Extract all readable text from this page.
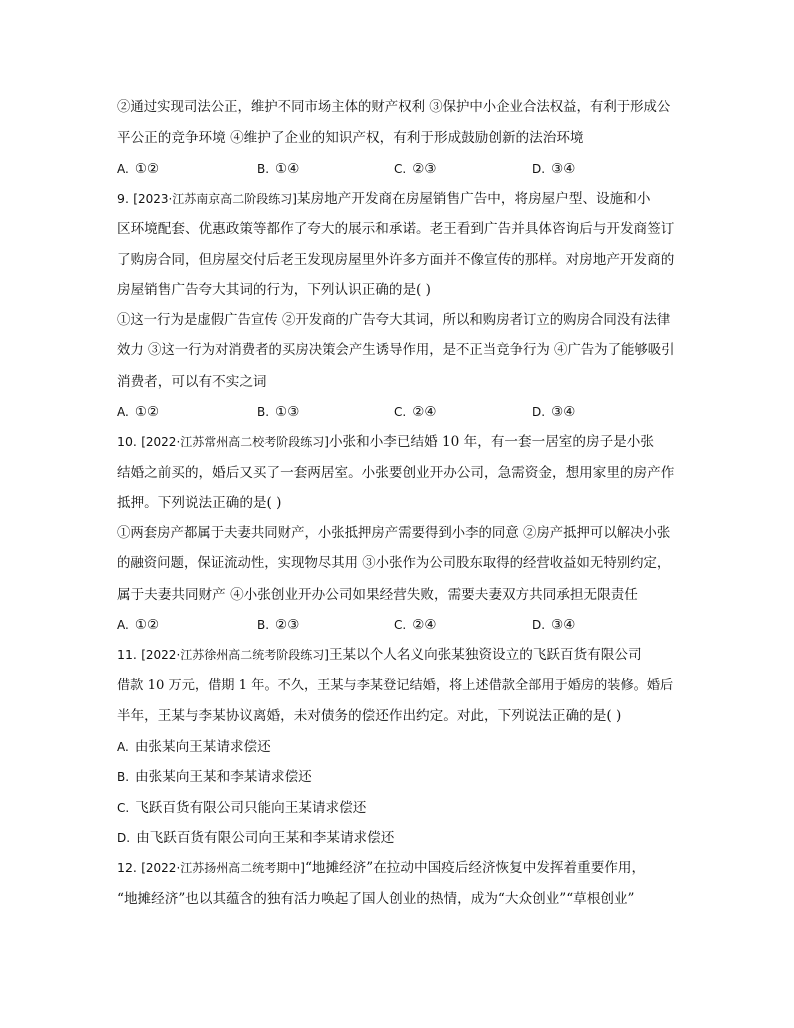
②通过实现司法公正，维护不同市场主体的财产权利 ③保护中小企业合法权益，有利于形成公
平公正的竞争环境 ④维护了企业的知识产权，有利于形成鼓励创新的法治环境
A. ①②	B. ①④	C. ②③	D. ③④
9. [2023·江苏南京高二阶段练习]某房地产开发商在房屋销售广告中，将房屋户型、设施和小
区环境配套、优惠政策等都作了夸大的展示和承诺。老王看到广告并具体咨询后与开发商签订
了购房合同，但房屋交付后老王发现房屋里外许多方面并不像宣传的那样。对房地产开发商的
房屋销售广告夸大其词的行为，下列认识正确的是( )
①这一行为是虚假广告宣传 ②开发商的广告夸大其词，所以和购房者订立的购房合同没有法律
效力 ③这一行为对消费者的买房决策会产生诱导作用，是不正当竞争行为 ④广告为了能够吸引
消费者，可以有不实之词
A. ①②	B. ①③	C. ②④	D. ③④
10. [2022·江苏常州高二校考阶段练习]小张和小李已结婚 10 年，有一套一居室的房子是小张
结婚之前买的，婚后又买了一套两居室。小张要创业开办公司，急需资金，想用家里的房产作
抵押。下列说法正确的是( )
①两套房产都属于夫妻共同财产，小张抵押房产需要得到小李的同意 ②房产抵押可以解决小张
的融资问题，保证流动性，实现物尽其用 ③小张作为公司股东取得的经营收益如无特别约定，
属于夫妻共同财产 ④小张创业开办公司如果经营失败，需要夫妻双方共同承担无限责任
A. ①②	B. ②③	C. ②④	D. ③④
11. [2022·江苏徐州高二统考阶段练习]王某以个人名义向张某独资设立的飞跃百货有限公司
借款 10 万元，借期 1 年。不久，王某与李某登记结婚，将上述借款全部用于婚房的装修。婚后
半年，王某与李某协议离婚，未对债务的偿还作出约定。对此，下列说法正确的是( )
A. 由张某向王某请求偿还
B. 由张某向王某和李某请求偿还
C. 飞跃百货有限公司只能向王某请求偿还
D. 由飞跃百货有限公司向王某和李某请求偿还
12. [2022·江苏扬州高二统考期中]“地摊经济”在拉动中国疫后经济恢复中发挥着重要作用，
“地摊经济”也以其蕴含的独有活力唤起了国人创业的热情，成为“大众创业”“草根创业”
